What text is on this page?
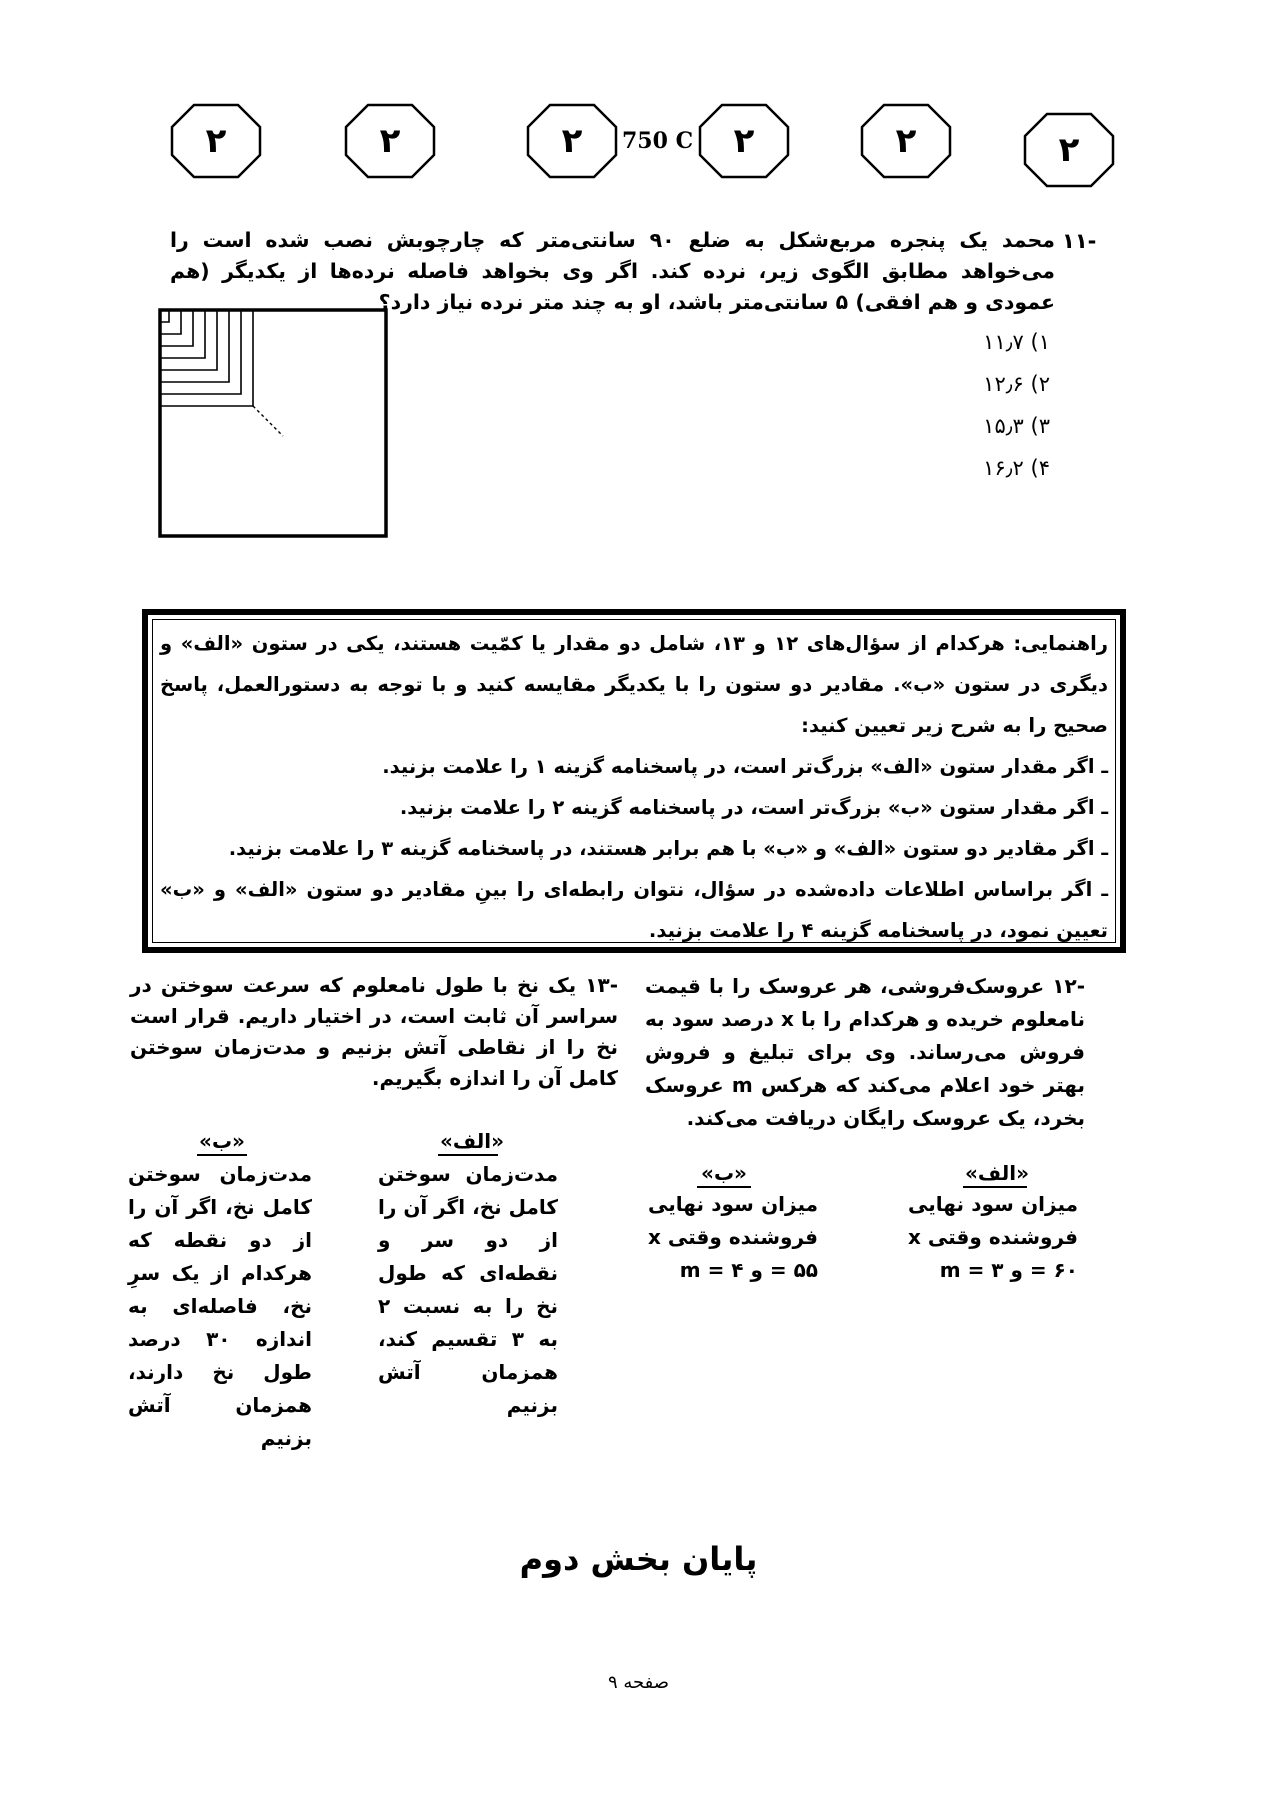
۲	۲	۲	750 C	۲	۲	۲
-۱۱
محمد یک پنجره مربع‌شکل به ضلع ۹۰ سانتی‌متر که چارچوبش نصب شده است را می‌خواهد مطابق الگوی زیر، نرده کند. اگر وی بخواهد فاصله نرده‌ها از یکدیگر (هم عمودی و هم افقی) ۵ سانتی‌متر باشد، او به چند متر نرده نیاز دارد؟
۱) ۱۱٫۷
۲) ۱۲٫۶
۳) ۱۵٫۳
۴) ۱۶٫۲

راهنمایی: هرکدام از سؤال‌های ۱۲ و ۱۳، شامل دو مقدار یا کمّیت هستند، یکی در ستون «الف» و دیگری در ستون «ب». مقادیر دو ستون را با یکدیگر مقایسه کنید و با توجه به دستورالعمل، پاسخ صحیح را به شرح زیر تعیین کنید:

ـ اگر مقدار ستون «الف» بزرگ‌تر است، در پاسخنامه گزینه ۱ را علامت بزنید.

ـ اگر مقدار ستون «ب» بزرگ‌تر است، در پاسخنامه گزینه ۲ را علامت بزنید.

ـ اگر مقادیر دو ستون «الف» و «ب» با هم برابر هستند، در پاسخنامه گزینه ۳ را علامت بزنید.

ـ اگر براساس اطلاعات داده‌شده در سؤال، نتوان رابطه‌ای را بینِ مقادیر دو ستون «الف» و «ب» تعیین نمود، در پاسخنامه گزینه ۴ را علامت بزنید.

-۱۲ عروسک‌فروشی، هر عروسک را با قیمت نامعلوم خریده و هرکدام را با x درصد سود به فروش می‌رساند. وی برای تبلیغ و فروش بهتر خود اعلام می‌کند که هرکس m عروسک بخرد، یک عروسک رایگان دریافت می‌کند.
«الف»
میزان سود نهایی فروشنده وقتی x = ۶۰ و m = ۳
«ب»
میزان سود نهایی فروشنده وقتی x = ۵۵ و m = ۴
-۱۳ یک نخ با طول نامعلوم که سرعت سوختن در سراسر آن ثابت است، در اختیار داریم. قرار است نخ را از نقاطی آتش بزنیم و مدت‌زمان سوختن کامل آن را اندازه بگیریم.
«الف»
مدت‌زمان سوختن کامل نخ، اگر آن را از دو سر و نقطه‌ای که طول نخ را به نسبت ۲ به ۳ تقسیم کند، همزمان آتش بزنیم
«ب»
مدت‌زمان سوختن کامل نخ، اگر آن را از دو نقطه که هرکدام از یک سرِ نخ، فاصله‌ای به اندازه ۳۰ درصد طول نخ دارند، همزمان آتش بزنیم
پایان بخش دوم
صفحه ۹
